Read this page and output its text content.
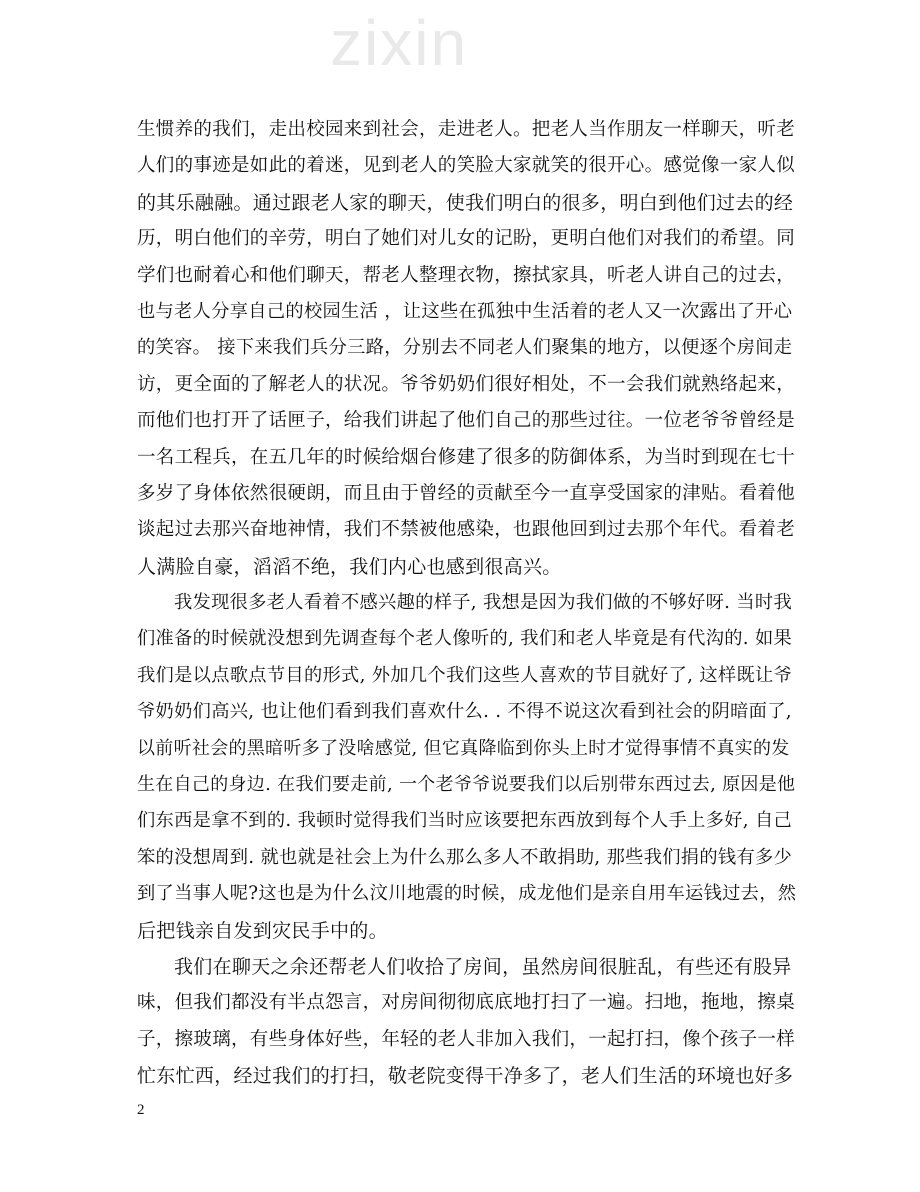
zixin
生惯养的我们，走出校园来到社会，走进老人。把老人当作朋友一样聊天，听老
人们的事迹是如此的着迷，见到老人的笑脸大家就笑的很开心。感觉像一家人似
的其乐融融。通过跟老人家的聊天，使我们明白的很多，明白到他们过去的经
历，明白他们的辛劳，明白了她们对儿女的记盼，更明白他们对我们的希望。同
学们也耐着心和他们聊天，帮老人整理衣物，擦拭家具，听老人讲自己的过去，
也与老人分享自己的校园生活 ，让这些在孤独中生活着的老人又一次露出了开心
的笑容。 接下来我们兵分三路，分别去不同老人们聚集的地方，以便逐个房间走
访，更全面的了解老人的状况。爷爷奶奶们很好相处，不一会我们就熟络起来，
而他们也打开了话匣子，给我们讲起了他们自己的那些过往。一位老爷爷曾经是
一名工程兵，在五几年的时候给烟台修建了很多的防御体系，为当时到现在七十
多岁了身体依然很硬朗，而且由于曾经的贡献至今一直享受国家的津贴。看着他
谈起过去那兴奋地神情，我们不禁被他感染，也跟他回到过去那个年代。看着老
人满脸自豪，滔滔不绝，我们内心也感到很高兴。
我发现很多老人看着不感兴趣的样子, 我想是因为我们做的不够好呀. 当时我
们准备的时候就没想到先调查每个老人像听的, 我们和老人毕竟是有代沟的. 如果
我们是以点歌点节目的形式, 外加几个我们这些人喜欢的节目就好了, 这样既让爷
爷奶奶们高兴, 也让他们看到我们喜欢什么. . 不得不说这次看到社会的阴暗面了,
以前听社会的黑暗听多了没啥感觉, 但它真降临到你头上时才觉得事情不真实的发
生在自己的身边. 在我们要走前, 一个老爷爷说要我们以后别带东西过去, 原因是他
们东西是拿不到的. 我顿时觉得我们当时应该要把东西放到每个人手上多好, 自己
笨的没想周到. 就也就是社会上为什么那么多人不敢捐助, 那些我们捐的钱有多少
到了当事人呢?这也是为什么汶川地震的时候，成龙他们是亲自用车运钱过去，然
后把钱亲自发到灾民手中的。
我们在聊天之余还帮老人们收拾了房间，虽然房间很脏乱，有些还有股异
味，但我们都没有半点怨言，对房间彻彻底底地打扫了一遍。扫地，拖地，擦桌
子，擦玻璃，有些身体好些，年轻的老人非加入我们，一起打扫，像个孩子一样
忙东忙西，经过我们的打扫，敬老院变得干净多了，老人们生活的环境也好多
2
